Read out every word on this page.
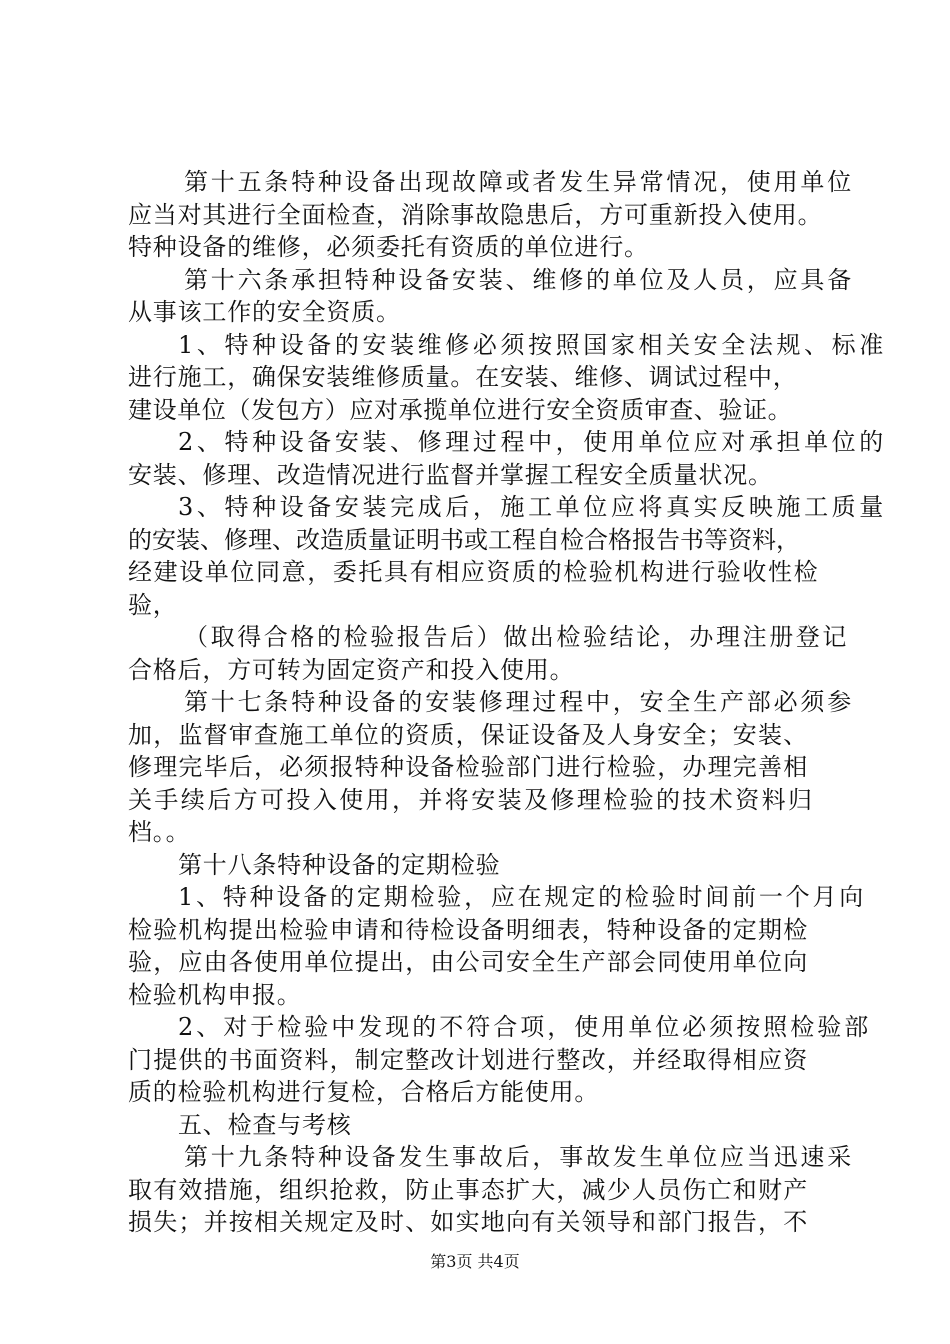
第十五条特种设备出现故障或者发生异常情况，使用单位
应当对其进行全面检查，消除事故隐患后，方可重新投入使用。
特种设备的维修，必须委托有资质的单位进行。
第十六条承担特种设备安装、维修的单位及人员，应具备
从事该工作的安全资质。
1、特种设备的安装维修必须按照国家相关安全法规、标准
进行施工，确保安装维修质量。在安装、维修、调试过程中，
建设单位（发包方）应对承揽单位进行安全资质审查、验证。
2、特种设备安装、修理过程中，使用单位应对承担单位的
安装、修理、改造情况进行监督并掌握工程安全质量状况。
3、特种设备安装完成后，施工单位应将真实反映施工质量
的安装、修理、改造质量证明书或工程自检合格报告书等资料，
经建设单位同意，委托具有相应资质的检验机构进行验收性检
验，
（取得合格的检验报告后）做出检验结论，办理注册登记
合格后，方可转为固定资产和投入使用。
第十七条特种设备的安装修理过程中，安全生产部必须参
加，监督审查施工单位的资质，保证设备及人身安全；安装、
修理完毕后，必须报特种设备检验部门进行检验，办理完善相
关手续后方可投入使用，并将安装及修理检验的技术资料归
档。。
第十八条特种设备的定期检验
1、特种设备的定期检验，应在规定的检验时间前一个月向
检验机构提出检验申请和待检设备明细表，特种设备的定期检
验，应由各使用单位提出，由公司安全生产部会同使用单位向
检验机构申报。
2、对于检验中发现的不符合项，使用单位必须按照检验部
门提供的书面资料，制定整改计划进行整改，并经取得相应资
质的检验机构进行复检，合格后方能使用。
五、检查与考核
第十九条特种设备发生事故后，事故发生单位应当迅速采
取有效措施，组织抢救，防止事态扩大，减少人员伤亡和财产
损失；并按相关规定及时、如实地向有关领导和部门报告，不
第3页 共4页
